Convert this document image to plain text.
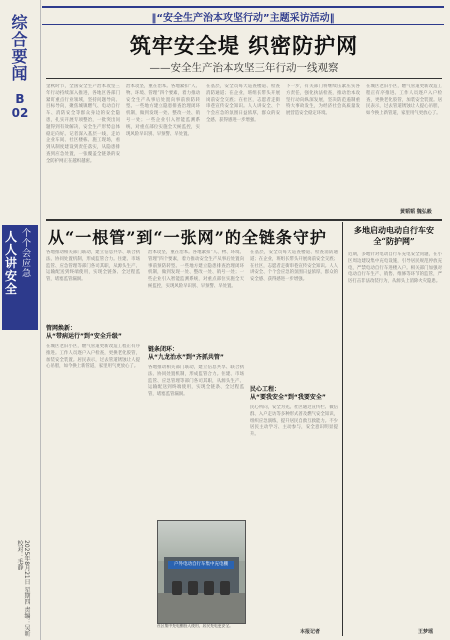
综合要闻
B
02
人人讲安全
个个会应急
2025年8月21日 星期四 责编：吴昕 校对：毛静
‖“安全生产治本攻坚行动”主题采访活动‖
筑牢安全堤 织密防护网
——安全生产治本攻坚三年行动一线观察
金秋时节，全国安全生产治本攻坚三年行动持续深入推进，各地区各部门紧盯重点行业领域，坚持问题导向、目标导向，聚焦城镇燃气、电动自行车、消防安全等群众身边的安全隐患，扎实开展专项整治，一批突出问题得到有效解决，安全生产形势总体稳定向好。记者深入基层一线，走访企业车间、社区楼栋、施工现场，看到从制度建设到责任落实，从隐患排查到应急处置，一张覆盖全链条的安全防护网正在越织越密。
治本攻坚，重在治本。各地紧扣“人、物、环境、管理”四个要素，着力推动安全生产从事后处置向事前预防转型。一些地方建立隐患排查治理闭环机制，做到发现一处、整改一处、销号一处；一些企业引入智能监测系统，对重点部位实施全天候监控，实现风险早识别、早预警、早处置。
在基层，安全员每天巡查楼道、检查消防通道；在企业，班组长带头开展岗前安全交底；在社区，志愿者走街串巷宣传安全知识。人人讲安全、个个会应急的氛围日益浓厚，群众的安全感、获得感进一步增强。
下一步，有关部门将继续压紧压实各方责任，强化执法检查，推动治本攻坚行动向纵深发展，坚决防范遏制重特大事故发生，为经济社会高质量发展营造安全稳定环境。
在城区老旧小区，燃气管道更新改造工程正有序推进。工作人员逐户入户检查，更换老化胶管，加装安全装置。居民表示，过去管道锈蚀让人提心吊胆，如今换上新管道，家里用气更放心了。
黄韬韬 魏弘毅
从“一根管”到“一张网”的全链条守护
各地推动相关部门联动，建立信息共享、联合执法、协同处置机制，形成监管合力。住建、市场监管、应急管理等部门各司其职，从源头生产、运输配送到终端使用，实现全链条、全过程监管，堵塞监管漏洞。
管网焕新：
从“带病运行”到“安全升级”
在城区老旧小区，燃气管道更新改造工程正有序推进。工作人员逐户入户检查，更换老化胶管，加装安全装置。居民表示，过去管道锈蚀让人提心吊胆，如今换上新管道，家里用气更放心了。
治本攻坚，重在治本。各地紧扣“人、物、环境、管理”四个要素，着力推动安全生产从事后处置向事前预防转型。一些地方建立隐患排查治理闭环机制，做到发现一处、整改一处、销号一处；一些企业引入智能监测系统，对重点部位实施全天候监控，实现风险早识别、早预警、早处置。
链条闭环：
从“九龙治水”到“齐抓共管”
各地推动相关部门联动，建立信息共享、联合执法、协同处置机制，形成监管合力。住建、市场监管、应急管理等部门各司其职，从源头生产、运输配送到终端使用，实现全链条、全过程监管，堵塞监管漏洞。
户外电动自行车集中充电棚
社区集中充电棚投入使用，居民充电更安全。
在基层，安全员每天巡查楼道、检查消防通道；在企业，班组长带头开展岗前安全交底；在社区，志愿者走街串巷宣传安全知识。人人讲安全、个个会应急的氛围日益浓厚，群众的安全感、获得感进一步增强。
民心工程：
从“要我安全”到“我要安全”
民心所向，安全为先。社区通过宣传栏、微信群、入户走访等多种形式普及燃气安全知识，组织应急演练，提升居民自救互救能力。不少居民主动学习、主动参与，安全意识明显提升。
本报记者
多地启动电动自行车安全“防护网”
近期，多地针对电动自行车充电安全问题，在小区周边建设集中充电设施，引导居民规范停放充电，严禁电动自行车进楼入户。相关部门加强对电动自行车生产、销售、维修等环节的监管，严厉打击非法改装行为，从源头上消除火灾隐患。
王梦瑶
